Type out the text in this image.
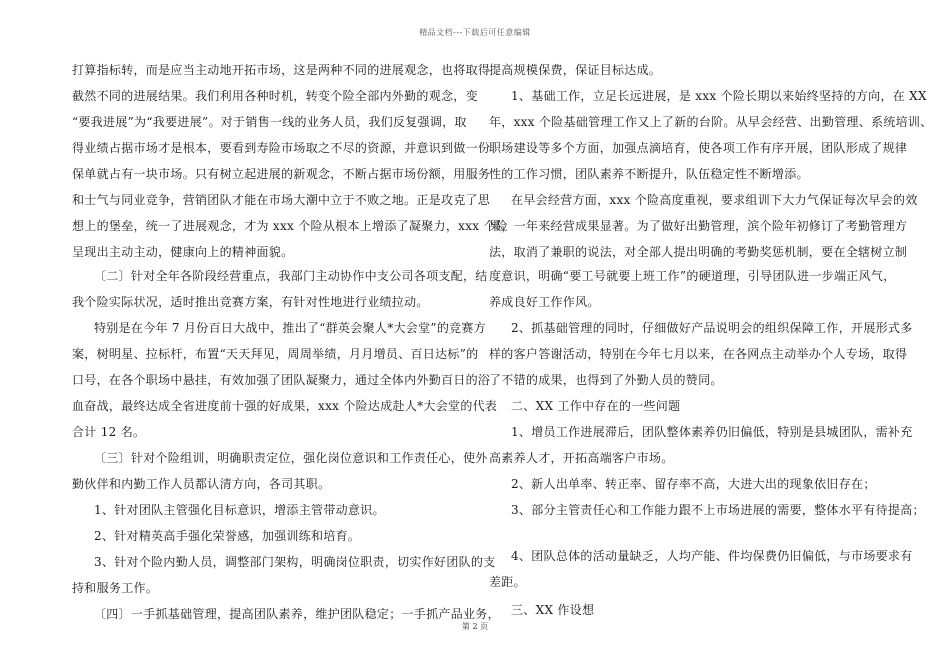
精品文档---下载后可任意编辑
打算指标转，而是应当主动地开拓市场，这是两种不同的进展观念，也将取得
截然不同的进展结果。我们利用各种时机，转变个险全部内外勤的观念，变
“要我进展”为“我要进展”。对于销售一线的业务人员，我们反复强调，取
得业绩占据市场才是根本，要看到寿险市场取之不尽的资源，并意识到做一份
保单就占有一块市场。只有树立起进展的新观念，不断占据市场份额，用服务
和士气与同业竞争，营销团队才能在市场大潮中立于不败之地。正是攻克了思
想上的堡垒，统一了进展观念，才为 xxx 个险从根本上增添了凝聚力，xxx 个险
呈现出主动主动，健康向上的精神面貌。
〔二〕针对全年各阶段经营重点，我部门主动协作中支公司各项支配，结
我个险实际状况，适时推出竞赛方案，有针对性地进行业绩拉动。
特别是在今年 7 月份百日大战中，推出了“群英会聚人*大会堂”的竞赛方
案，树明星、拉标杆，布置“天天拜见，周周举绩，月月增员、百日达标”的
口号，在各个职场中悬挂，有效加强了团队凝聚力，通过全体内外勤百日的浴
血奋战，最终达成全省进度前十强的好成果，xxx 个险达成赴人*大会堂的代表
合计 12 名。
〔三〕针对个险组训，明确职责定位，强化岗位意识和工作责任心，使外
勤伙伴和内勤工作人员都认清方向，各司其职。
1、针对团队主管强化目标意识，增添主管带动意识。
2、针对精英高手强化荣誉感，加强训练和培育。
3、针对个险内勤人员，调整部门架构，明确岗位职责，切实作好团队的支
持和服务工作。
〔四〕一手抓基础管理，提高团队素养，维护团队稳定；一手抓产品业务，
提高规模保费，保证目标达成。
1、基础工作，立足长远进展，是 xxx 个险长期以来始终坚持的方向，在 XX
年，xxx 个险基础管理工作又上了新的台阶。从早会经营、出勤管理、系统培训、
职场建设等多个方面，加强点滴培育，使各项工作有序开展，团队形成了规律
性的工作习惯，团队素养不断提升，队伍稳定性不断增添。
在早会经营方面，xxx 个险高度重视，要求组训下大力气保证每次早会的效
果，一年来经营成果显著。为了做好出勤管理，滨个险年初修订了考勤管理方
法，取消了兼职的说法，对全部人提出明确的考勤奖惩机制，要在全辖树立制
度意识，明确“要工号就要上班工作”的硬道理，引导团队进一步端正风气，
养成良好工作作风。
2、抓基础管理的同时，仔细做好产品说明会的组织保障工作，开展形式多
样的客户答谢活动，特别在今年七月以来，在各网点主动举办个人专场，取得
了不错的成果，也得到了外勤人员的赞同。
二、XX 工作中存在的一些问题
1、增员工作进展滞后，团队整体素养仍旧偏低，特别是县城团队，需补充
高素养人才，开拓高端客户市场。
2、新人出单率、转正率、留存率不高，大进大出的现象依旧存在；
3、部分主管责任心和工作能力跟不上市场进展的需要，整体水平有待提高；
4、团队总体的活动量缺乏，人均产能、件均保费仍旧偏低，与市场要求有
差距。
三、XX 作设想
第 2 页
